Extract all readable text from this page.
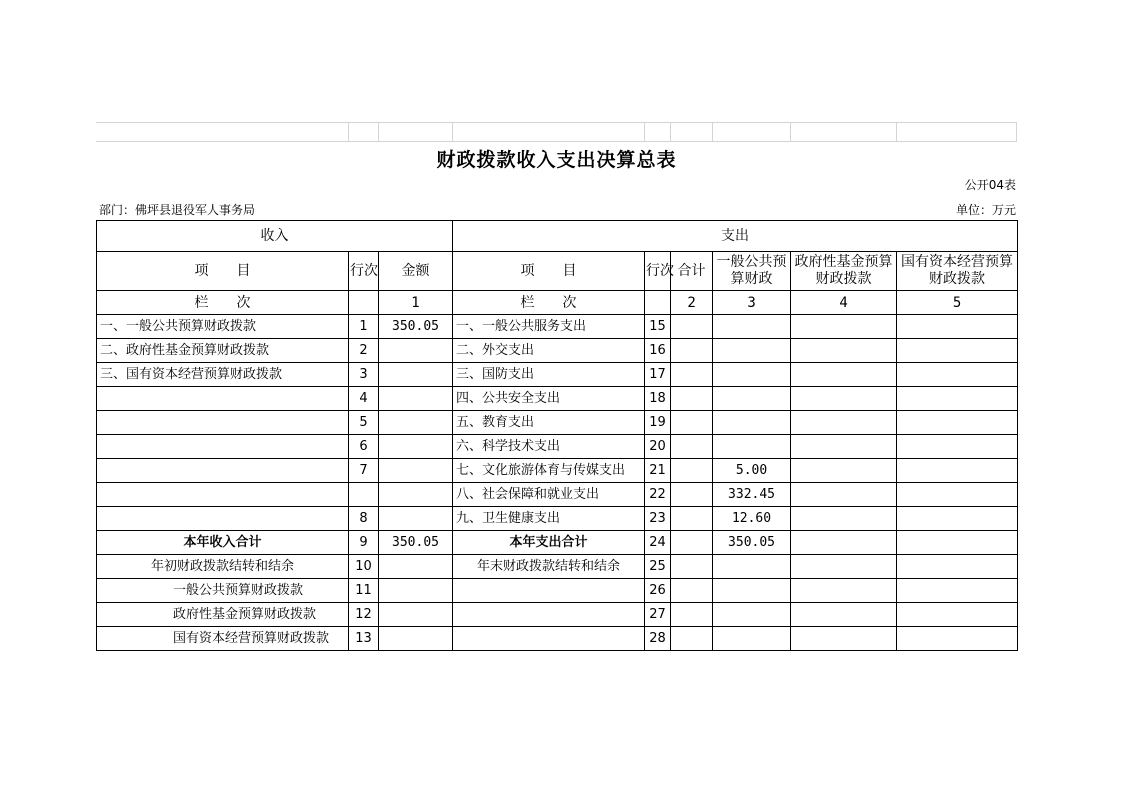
财政拨款收入支出决算总表
公开04表
部门：佛坪县退役军人事务局	单位：万元
收入			支出					
项　　目	行次	金额	项　　目	行次	合计	一般公共预算财政	政府性基金预算财政拨款	国有资本经营预算财政拨款
栏　　次		1	栏　　次		2	3	4	5
一、一般公共预算财政拨款	1	350.05	一、一般公共服务支出	15				
二、政府性基金预算财政拨款	2		二、外交支出	16				
三、国有资本经营预算财政拨款	3		三、国防支出	17				
	4		四、公共安全支出	18				
	5		五、教育支出	19				
	6		六、科学技术支出	20				
	7		七、文化旅游体育与传媒支出	21		5.00		
			八、社会保障和就业支出	22		332.45		
	8		九、卫生健康支出	23		12.60		
本年收入合计	9	350.05	本年支出合计	24		350.05		
年初财政拨款结转和结余	10		年末财政拨款结转和结余	25				
一般公共预算财政拨款	11			26				
政府性基金预算财政拨款	12			27				
国有资本经营预算财政拨款	13			28				
